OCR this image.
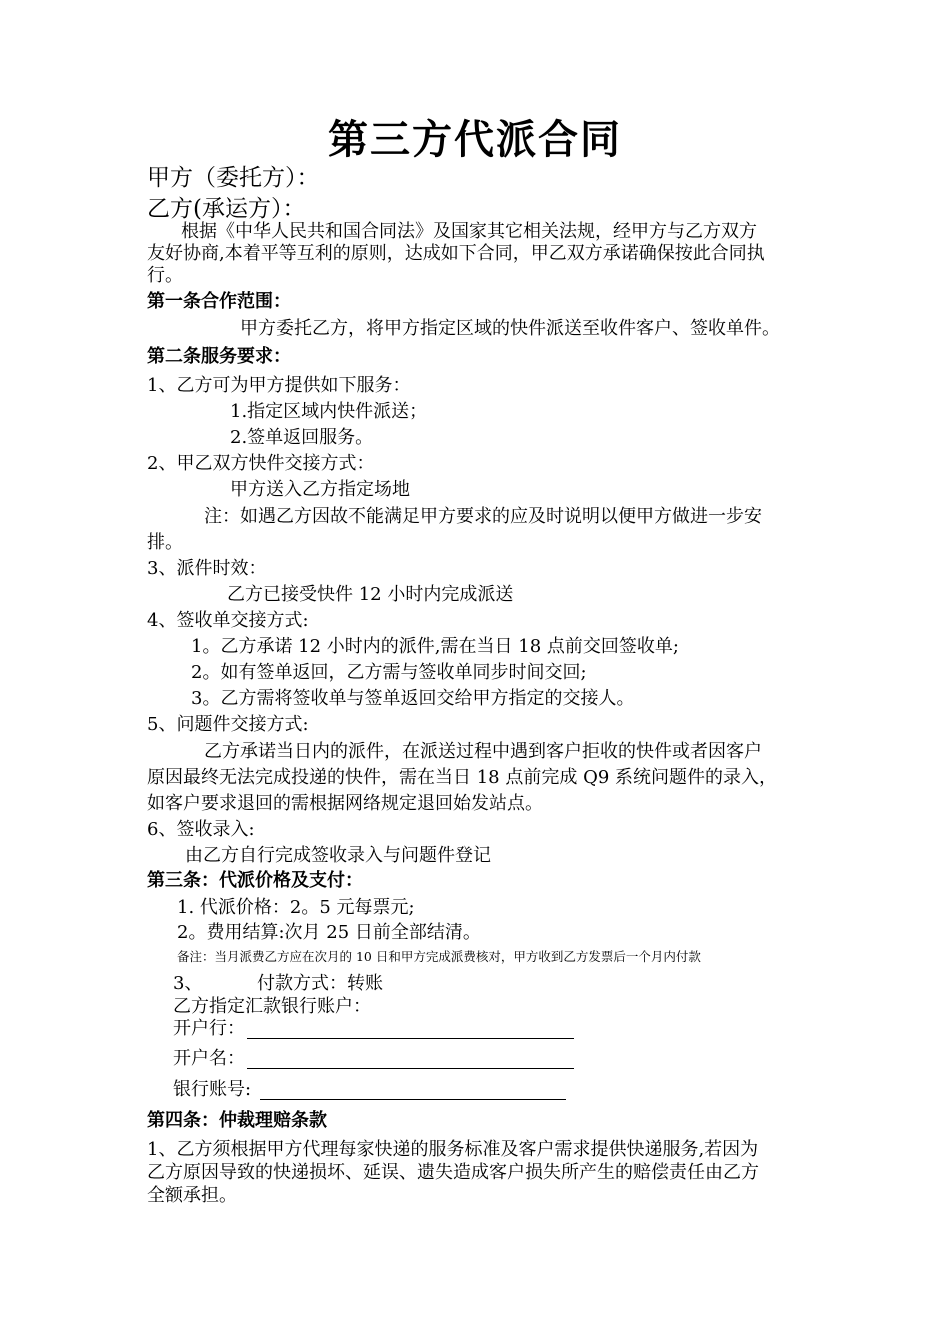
第三方代派合同
甲方（委托方）：
乙方(承运方）：
根据《中华人民共和国合同法》及国家其它相关法规，经甲方与乙方双方
友好协商,本着平等互利的原则，达成如下合同，甲乙双方承诺确保按此合同执
行。
第一条合作范围：
甲方委托乙方，将甲方指定区域的快件派送至收件客户、签收单件。
第二条服务要求：
1、乙方可为甲方提供如下服务：
1.指定区域内快件派送；
2.签单返回服务。
2、甲乙双方快件交接方式：
甲方送入乙方指定场地
注：如遇乙方因故不能满足甲方要求的应及时说明以便甲方做进一步安
排。
3、派件时效：
乙方已接受快件 12 小时内完成派送
4、签收单交接方式:
1。乙方承诺 12 小时内的派件,需在当日 18 点前交回签收单;
2。如有签单返回，乙方需与签收单同步时间交回;
3。乙方需将签收单与签单返回交给甲方指定的交接人。
5、问题件交接方式:
乙方承诺当日内的派件，在派送过程中遇到客户拒收的快件或者因客户
原因最终无法完成投递的快件，需在当日 18 点前完成 Q9 系统问题件的录入，
如客户要求退回的需根据网络规定退回始发站点。
6、签收录入:
由乙方自行完成签收录入与问题件登记
第三条：代派价格及支付：
1. 代派价格：2。5 元每票元;
2。费用结算:次月 25 日前全部结清。
备注：当月派费乙方应在次月的 10 日和甲方完成派费核对，甲方收到乙方发票后一个月内付款
3、	付款方式：转账
乙方指定汇款银行账户：
开户行：
开户名：
银行账号:
第四条：仲裁理赔条款
1、乙方须根据甲方代理每家快递的服务标准及客户需求提供快递服务,若因为
乙方原因导致的快递损坏、延误、遗失造成客户损失所产生的赔偿责任由乙方
全额承担。
